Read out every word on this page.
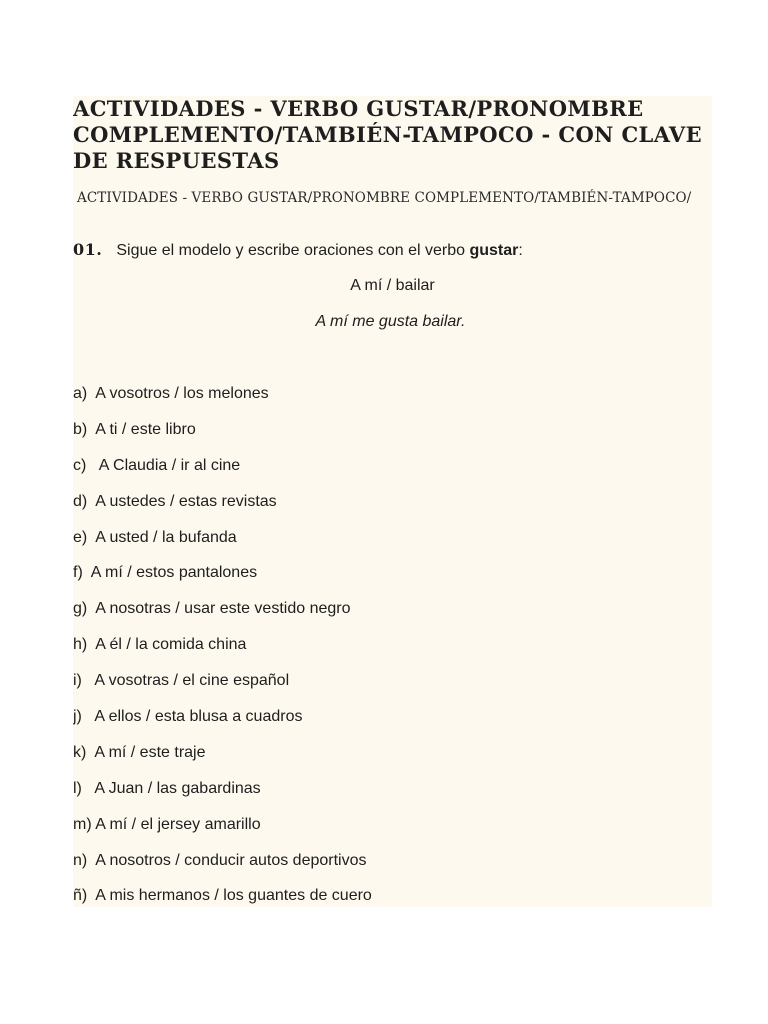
ACTIVIDADES - VERBO GUSTAR/PRONOMBRE COMPLEMENTO/TAMBIÉN-TAMPOCO - CON CLAVE DE RESPUESTAS
ACTIVIDADES - VERBO GUSTAR/PRONOMBRE COMPLEMENTO/TAMBIÉN-TAMPOCO/
01. Sigue el modelo y escribe oraciones con el verbo gustar:
A mí / bailar
A mí me gusta bailar.
a)  A vosotros / los melones
b)  A ti / este libro
c)   A Claudia / ir al cine
d)  A ustedes / estas revistas
e)  A usted / la bufanda
f)  A mí / estos pantalones
g)  A nosotras / usar este vestido negro
h)  A él / la comida china
i)   A vosotras / el cine español
j)   A ellos / esta blusa a cuadros
k)  A mí / este traje
l)   A Juan / las gabardinas
m) A mí / el jersey amarillo
n)  A nosotros / conducir autos deportivos
ñ)  A mis hermanos / los guantes de cuero
